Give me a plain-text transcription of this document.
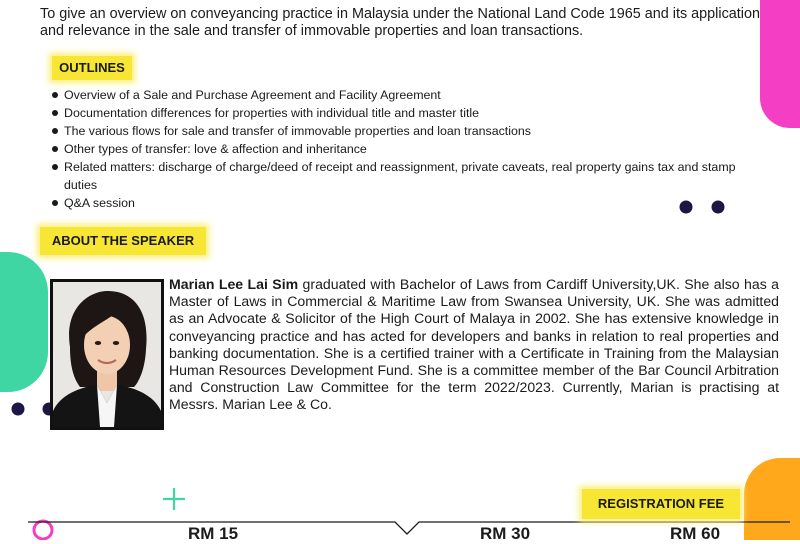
To give an overview on conveyancing practice in Malaysia under the National Land Code 1965 and its application and relevance in the sale and transfer of immovable properties and loan transactions.
OUTLINES
Overview of a Sale and Purchase Agreement and Facility Agreement
Documentation differences for properties with individual title and master title
The various flows for sale and transfer of immovable properties and loan transactions
Other types of transfer: love & affection and inheritance
Related matters: discharge of charge/deed of receipt and reassignment, private caveats, real property gains tax and stamp duties
Q&A session
ABOUT THE SPEAKER
Marian Lee Lai Sim graduated with Bachelor of Laws from Cardiff University,UK. She also has a Master of Laws in Commercial & Maritime Law from Swansea University, UK. She was admitted as an Advocate & Solicitor of the High Court of Malaya in 2002. She has extensive knowledge in conveyancing practice and has acted for developers and banks in relation to real properties and banking documentation. She is a certified trainer with a Certificate in Training from the Malaysian Human Resources Development Fund. She is a committee member of the Bar Council Arbitration and Construction Law Committee for the term 2022/2023. Currently, Marian is practising at Messrs. Marian Lee & Co.
REGISTRATION FEE
RM 15	RM 30	RM 60
